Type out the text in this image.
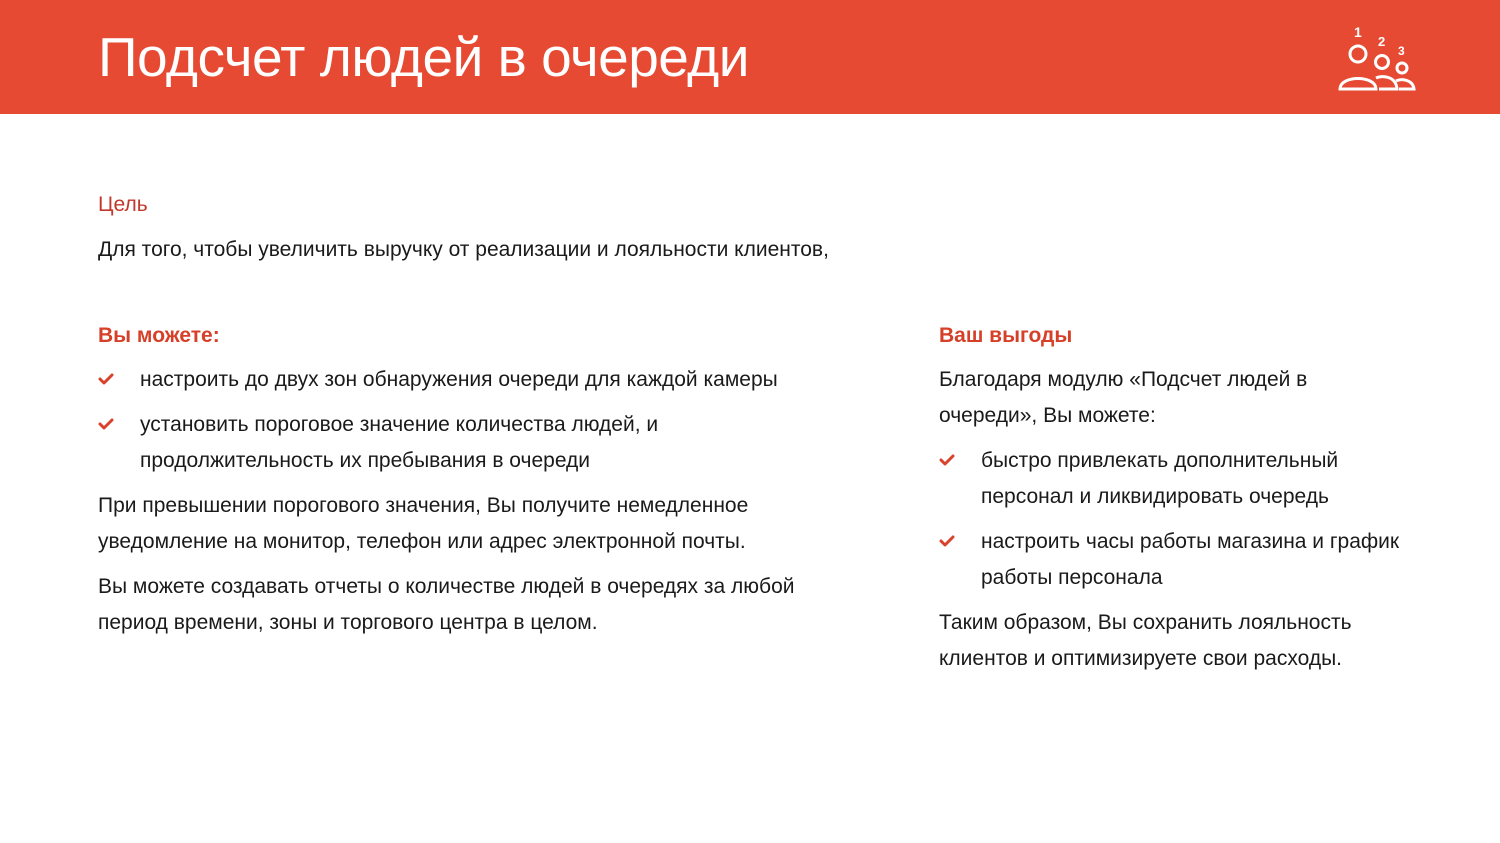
Подсчет людей в очереди	1
2
3
Цель
Для того, чтобы увеличить выручку от реализации и лояльности клиентов,
Вы можете:
настроить до двух зон обнаружения очереди для каждой камеры
установить пороговое значение количества людей, и продолжительность их пребывания в очереди

При превышении порогового значения, Вы получите немедленное уведомление на монитор, телефон или адрес электронной почты.

Вы можете создавать отчеты о количестве людей в очередях за любой период времени, зоны и торгового центра в целом.

Ваш выгоды

Благодаря модулю «Подсчет людей в очереди», Вы можете:

быстро привлекать дополнительный персонал и ликвидировать очередь
настроить часы работы магазина и график работы персонала

Таким образом, Вы сохранить лояльность клиентов и оптимизируете свои расходы.
